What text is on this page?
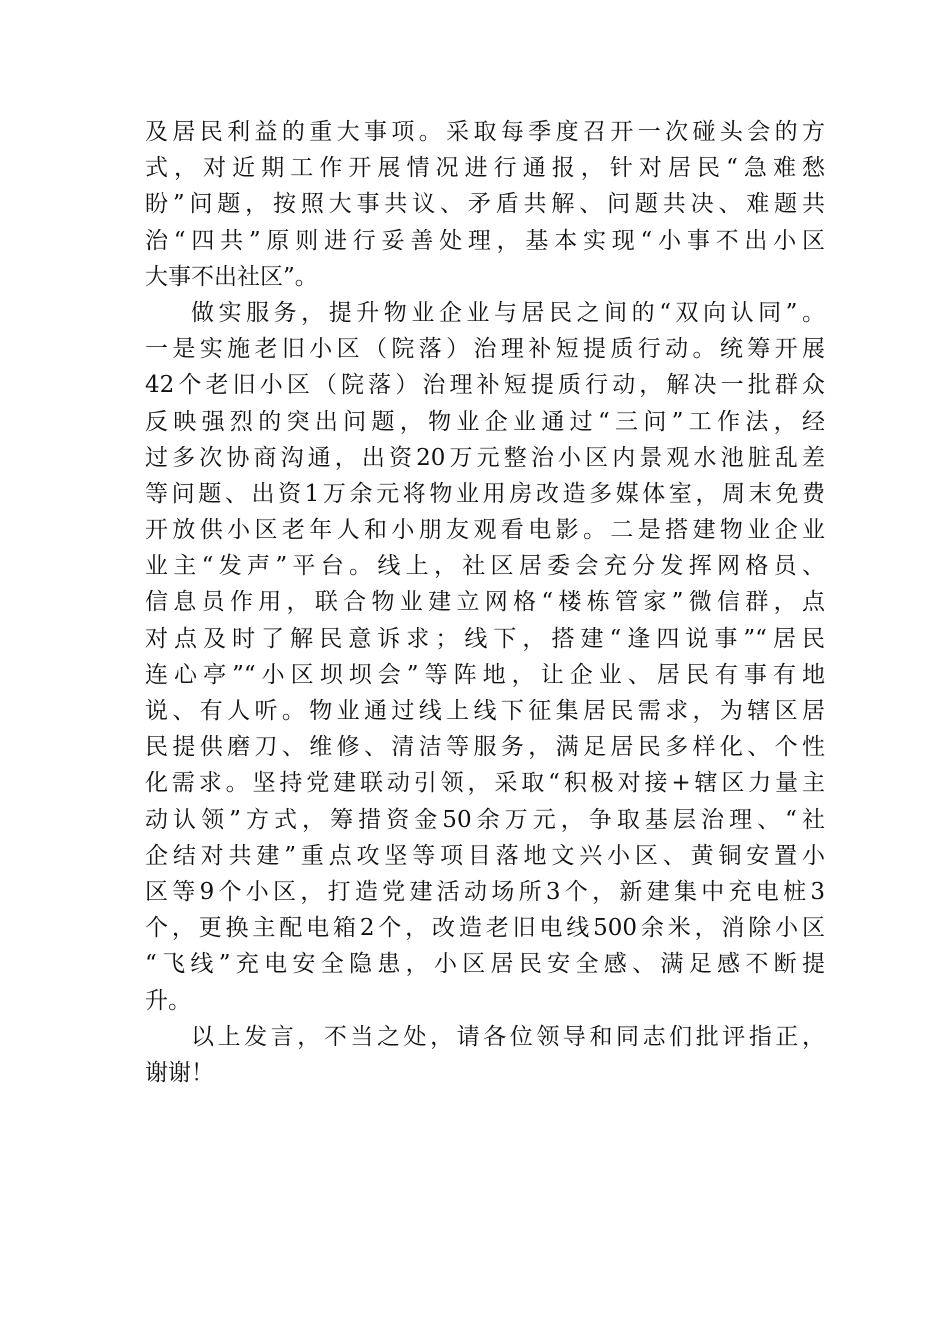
及居民利益的重大事项。采取每季度召开一次碰头会的方
式，对近期工作开展情况进行通报，针对居民“急难愁
盼”问题，按照大事共议、矛盾共解、问题共决、难题共
治“四共”原则进行妥善处理，基本实现“小事不出小区
大事不出社区”。
做实服务，提升物业企业与居民之间的“双向认同”。
一是实施老旧小区（院落）治理补短提质行动。统筹开展
42个老旧小区（院落）治理补短提质行动，解决一批群众
反映强烈的突出问题，物业企业通过“三问”工作法，经
过多次协商沟通，出资20万元整治小区内景观水池脏乱差
等问题、出资1万余元将物业用房改造多媒体室，周末免费
开放供小区老年人和小朋友观看电影。二是搭建物业企业
业主“发声”平台。线上，社区居委会充分发挥网格员、
信息员作用，联合物业建立网格“楼栋管家”微信群，点
对点及时了解民意诉求；线下，搭建“逢四说事”“居民
连心亭”“小区坝坝会”等阵地，让企业、居民有事有地
说、有人听。物业通过线上线下征集居民需求，为辖区居
民提供磨刀、维修、清洁等服务，满足居民多样化、个性
化需求。坚持党建联动引领，采取“积极对接+辖区力量主
动认领”方式，筹措资金50余万元，争取基层治理、“社
企结对共建”重点攻坚等项目落地文兴小区、黄铜安置小
区等9个小区，打造党建活动场所3个，新建集中充电桩3
个，更换主配电箱2个，改造老旧电线500余米，消除小区
“飞线”充电安全隐患，小区居民安全感、满足感不断提
升。
以上发言，不当之处，请各位领导和同志们批评指正，
谢谢！
